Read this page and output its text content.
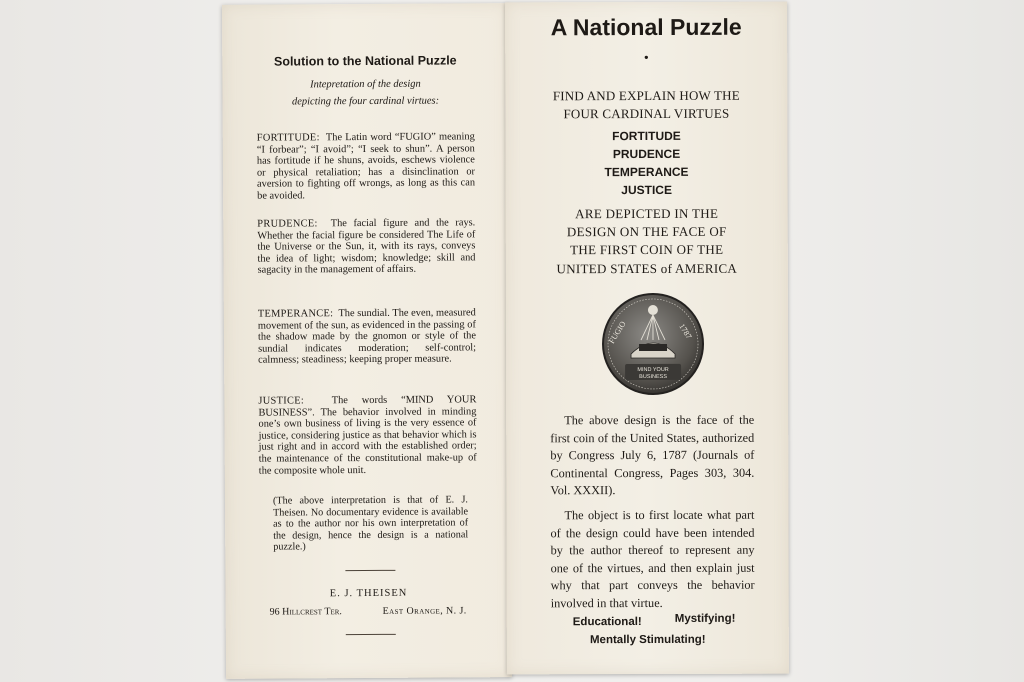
Solution to the National Puzzle
Intepretation of the design
depicting the four cardinal virtues:
FORTITUDE: The Latin word “FUGIO” meaning “I forbear”; “I avoid”; “I seek to shun”. A person has fortitude if he shuns, avoids, eschews violence or physical retaliation; has a disinclination or aversion to fighting off wrongs, as long as this can be avoided.
PRUDENCE: The facial figure and the rays. Whether the facial figure be considered The Life of the Universe or the Sun, it, with its rays, conveys the idea of light; wisdom; knowledge; skill and sagacity in the management of affairs.
TEMPERANCE: The sundial. The even, measured movement of the sun, as evidenced in the passing of the shadow made by the gnomon or style of the sundial indicates moderation; self-control; calmness; steadiness; keeping proper measure.
JUSTICE:	The words “MIND YOUR BUSINESS”. The behavior involved in minding one’s own business of living is the very essence of justice, considering justice as that behavior which is just right and in accord with the established order; the maintenance of the constitutional make-up of the composite whole unit.
(The above interpretation is that of E. J. Theisen. No documentary evidence is available as to the author nor his own interpretation of the design, hence the design is a national puzzle.)
E. J. THEISEN
96 Hillcrest Ter.	East Orange, N. J.
A National Puzzle
•
FIND AND EXPLAIN HOW THE
FOUR CARDINAL VIRTUES
FORTITUDE
PRUDENCE
TEMPERANCE
JUSTICE
ARE DEPICTED IN THE
DESIGN ON THE FACE OF
THE FIRST COIN OF THE
UNITED STATES of AMERICA
FUGIO	1787
MIND YOUR
BUSINESS
The above design is the face of the first coin of the United States, authorized by Congress July 6, 1787 (Journals of Continental Congress, Pages 303, 304. Vol. XXXII).
The object is to first locate what part of the design could have been intended by the author thereof to represent any one of the virtues, and then explain just why that part conveys the behavior involved in that virtue.
Educational!	Mystifying!
Mentally Stimulating!
